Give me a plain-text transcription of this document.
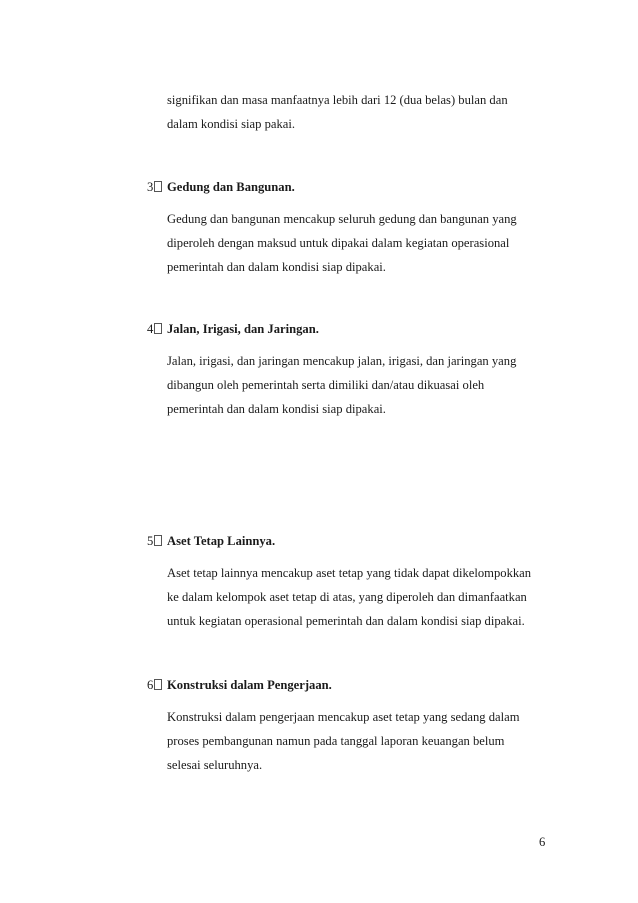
signifikan dan masa manfaatnya lebih dari 12 (dua belas) bulan dan
dalam kondisi siap pakai.
3	Gedung dan Bangunan.
Gedung dan bangunan mencakup seluruh gedung dan bangunan yang
diperoleh dengan maksud untuk dipakai dalam kegiatan operasional
pemerintah dan dalam kondisi siap dipakai.
4	Jalan, Irigasi, dan Jaringan.
Jalan, irigasi, dan jaringan mencakup jalan, irigasi, dan jaringan yang
dibangun oleh pemerintah serta dimiliki dan/atau dikuasai oleh
pemerintah dan dalam kondisi siap dipakai.
5	Aset Tetap Lainnya.
Aset tetap lainnya mencakup aset tetap yang tidak dapat dikelompokkan
ke dalam kelompok aset tetap di atas, yang diperoleh dan dimanfaatkan
untuk kegiatan operasional pemerintah dan dalam kondisi siap dipakai.
6	Konstruksi dalam Pengerjaan.
Konstruksi dalam pengerjaan mencakup aset tetap yang sedang dalam
proses pembangunan namun pada tanggal laporan keuangan belum
selesai seluruhnya.
6
